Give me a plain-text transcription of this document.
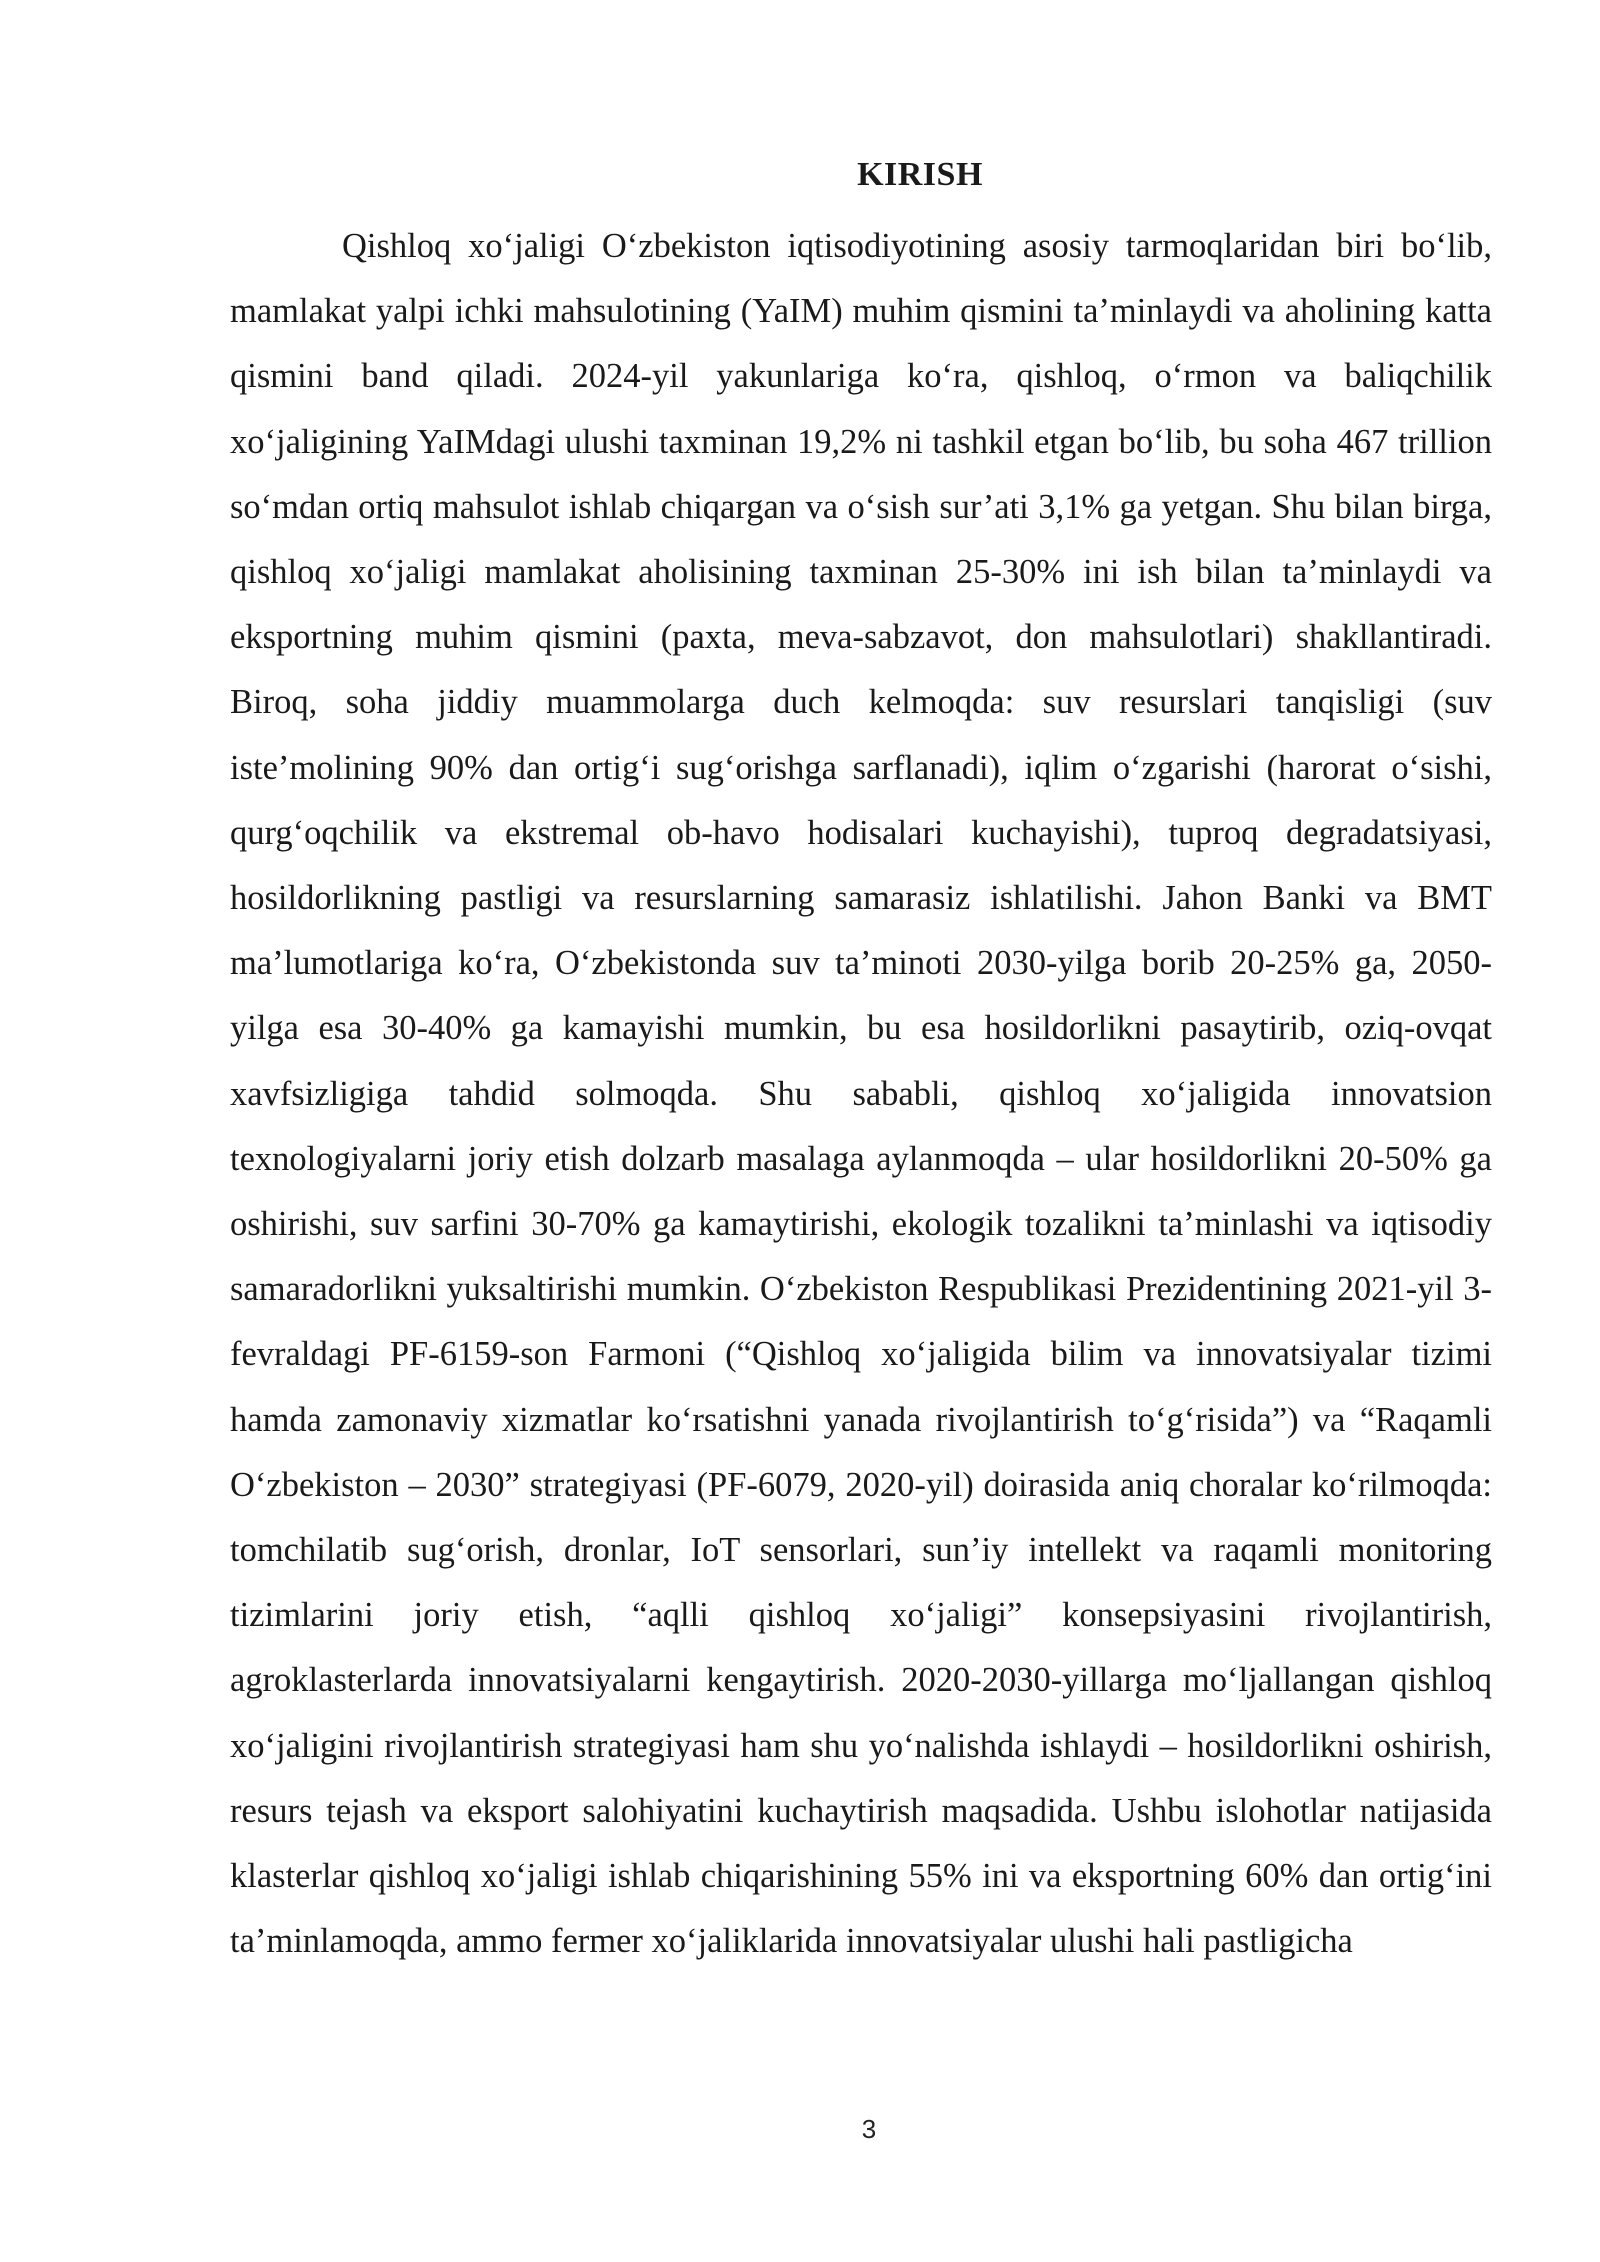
KIRISH

Qishloq xo‘jaligi O‘zbekiston iqtisodiyotining asosiy tarmoqlaridan biri bo‘lib, mamlakat yalpi ichki mahsulotining (YaIM) muhim qismini ta’minlaydi va aholining katta qismini band qiladi. 2024-yil yakunlariga ko‘ra, qishloq, o‘rmon va baliqchilik xo‘jaligining YaIMdagi ulushi taxminan 19,2% ni tashkil etgan bo‘lib, bu soha 467 trillion so‘mdan ortiq mahsulot ishlab chiqargan va o‘sish sur’ati 3,1% ga yetgan. Shu bilan birga, qishloq xo‘jaligi mamlakat aholisining taxminan 25-30% ini ish bilan ta’minlaydi va eksportning muhim qismini (paxta, meva-sabzavot, don mahsulotlari) shakllantiradi. Biroq, soha jiddiy muammolarga duch kelmoqda: suv resurslari tanqisligi (suv iste’molining 90% dan ortig‘i sug‘orishga sarflanadi), iqlim o‘zgarishi (harorat o‘sishi, qurg‘oqchilik va ekstremal ob-havo hodisalari kuchayishi), tuproq degradatsiyasi, hosildorlikning pastligi va resurslarning samarasiz ishlatilishi. Jahon Banki va BMT ma’lumotlariga ko‘ra, O‘zbekistonda suv ta’minoti 2030-yilga borib 20-25% ga, 2050-yilga esa 30-40% ga kamayishi mumkin, bu esa hosildorlikni pasaytirib, oziq-ovqat xavfsizligiga tahdid solmoqda. Shu sababli, qishloq xo‘jaligida innovatsion texnologiyalarni joriy etish dolzarb masalaga aylanmoqda – ular hosildorlikni 20-50% ga oshirishi, suv sarfini 30-70% ga kamaytirishi, ekologik tozalikni ta’minlashi va iqtisodiy samaradorlikni yuksaltirishi mumkin. O‘zbekiston Respublikasi Prezidentining 2021-yil 3-fevraldagi PF-6159-son Farmoni (“Qishloq xo‘jaligida bilim va innovatsiyalar tizimi hamda zamonaviy xizmatlar ko‘rsatishni yanada rivojlantirish to‘g‘risida”) va “Raqamli O‘zbekiston – 2030” strategiyasi (PF-6079, 2020-yil) doirasida aniq choralar ko‘rilmoqda: tomchilatib sug‘orish, dronlar, IoT sensorlari, sun’iy intellekt va raqamli monitoring tizimlarini joriy etish, “aqlli qishloq xo‘jaligi” konsepsiyasini rivojlantirish, agroklasterlarda innovatsiyalarni kengaytirish. 2020-2030-yillarga mo‘ljallangan qishloq xo‘jaligini rivojlantirish strategiyasi ham shu yo‘nalishda ishlaydi – hosildorlikni oshirish, resurs tejash va eksport salohiyatini kuchaytirish maqsadida. Ushbu islohotlar natijasida klasterlar qishloq xo‘jaligi ishlab chiqarishining 55% ini va eksportning 60% dan ortig‘ini ta’minlamoqda, ammo fermer xo‘jaliklarida innovatsiyalar ulushi hali pastligicha

3
